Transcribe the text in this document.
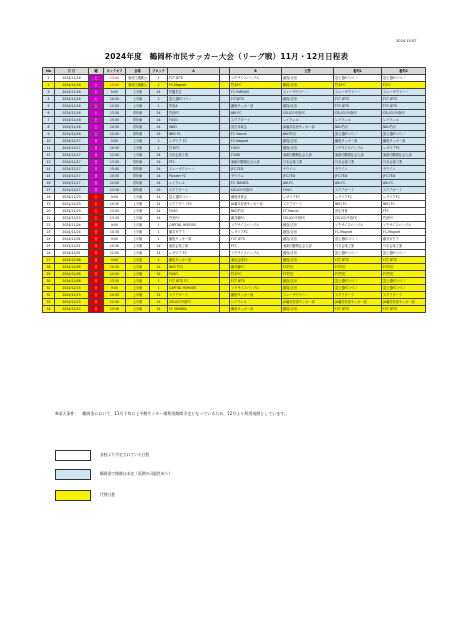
2024.10.07
2024年度　鶴岡杯市民サッカー大会（リーグ戦）11月・12月日程表
No	月 日	曜	キックオフ	会場	ブロック	A		B	主管	審判1	審判2
1	2024/11/16	土	13:00	寒河江運動公	1	FCT JETS		ソクサイスパンブル	藤島/吉田	富士通FCマリノ	富士通FCマリノ
2	2024/11/16	土	15:00	寒河江運動公	1	FC.Magnet		竹本FC	藤島/吉田	竹本FC	FCFC
3	2024/11/16	土	9:00	上平館	24	竹園先生		FC FAREJ/M	ジェーザウリーノ	ジェーザウリーノ	ジェーザウリーノ
4	2024/11/16	土	10:30	上平館	1	富士通FCマリノ		FCTJETS	藤島/吉田	FCT JETS	FCT JETS
5	2024/11/16	土	12:00	上平館	1	竹田A		藤島サッカー部	藤島/吉田	FCT JETS	FCT JETS
6	2024/11/16	土	13:30	青年館	24	竹田FC		AKI-FC	CELICO中島FC	CELICO中島FC	CELICO中島FC
7	2024/11/16	土	15:00	青年館	24	FUSO		スクアダーラ	レイウェル	レイウェル	レイウェル
8	2024/11/16	土	10:30	青年館	24	INKO		菅生体育会	JA藤井若者サッカー部	NKO竹川	NKO竹川
9	2024/11/16	土	12:00	青年館	24	NKO FC		FC Hound	NKO竹川	富士通FCマリノ	富士通FCマリノ
10	2024/11/17	日	9:00	上平館	1	レザリア FC		FC.Magnet	藤島/吉田	藤島サッカー部	藤島サッカー部
11	2024/11/17	日	10:30	上平館	1	竹本FC		FUSO	藤島/吉田	ソクサイスパンブル	レザリアFC
12	2024/11/17	日	12:00	上平館	24	月末会楽工業		FCDB	東新田鶴岡社会人部	東新田鶴岡社会人部	東新田鶴岡社会人部
13	2024/11/17	日	13:30	青年館	24	FFC		東新田鶴岡社会人部	月末会楽工業	月末会楽工業	月末会楽工業
14	2024/11/17	日	15:00	青年館	24	ジェーザウリーノ		JFC-TED	サウイム	サウイム	サウイム
15	2024/11/17	日	10:30	青年館	24	Pioneer FC		サウイム	JFC-TED	JFC-TED	JFC-TED
16	2024/11/17	日	12:00	青年館	24	レイウェル		FC YAMATA	AKI-FC	AKI-FC	AKI-FC
17	2024/11/17	日	13:30	青年館	24	スクアダーラ		CELICO中島FC	FUSO	スクアダーラ	スクアダーラ
18	2024/11/23	土	9:00	上平館	24	富士通FCマリノ		藤島体育会	レザリアFC	レザリアFC	レザリアFC
19	2024/11/23	土	10:30	上平館	24	スクアダーラFC		JA藤井若者サッカー部	スクアダーラ	NKO FC	NKO FC
20	2024/11/23	土	12:00	上平館	24	FUSO		NKO竹川	FC Hound	菅生体育	FFC
21	2024/11/23	土	13:30	上平館	24	竹田FC		藤井藤FC	CELICO中島FC	CELICO中島FC	竹田FC
22	2024/11/24	日	9:00	上平館	1	CAPITAL HEROES		ソクサイスパンブル	藤島/吉田	ソクサイスパンブル	ソクサイスパンブル
23	2024/11/24	日	10:30	上平館	1	藤井ガクア		レザリアFC	藤島/吉田	FC.Magnet	FC.Magnet
24	2024/12/01	日	9:00	上平館	1	藤島サッカー部		FCT JETS	藤島/吉田	富士通FCマリノ	藤井ガクア
25	2024/12/01	日	10:30	上平館	24	東田会楽工業		FFC	東新田鶴岡社会人部	月末会楽工業	月末会楽工業
26	2024/12/01	日	12:00	上平館	24	レザリア FC		ソクサイスパンブル	藤島/吉田	富士通FCマリノ	富士通FCマリノ
27	2024/12/08	日	9:00	上平館	1	藤島サッカー部		東田会楽FC	藤島/吉田	FCT JETS	FCT JETS
28	2024/12/08	日	10:30	上平館	24	NKO 竹川		藤井藤FC	FC竹田	FC竹田	FC竹田
29	2024/12/08	日	12:00	上平館	24	FUSO		竹本FC	FC竹田	FC竹田	FC竹田
30	2024/12/08	日	13:30	上平館	1	FCT JETS FC		FCT JETS	藤島/吉田	富士通FCマリノ	富士通FCマリノ
31	2024/12/15	日	9:00	上平館	1	CAPITAL HEROES		ソクサイスパンブル	藤島/吉田	富士通FCマリノ	富士通FCマリノ
32	2024/12/15	日	10:30	上平館	24	スクアダーラ		藤島サッカー部	ジェーザウリーノ	スクアダーラ	スクアダーラ
33	2024/12/15	日	12:00	上平館	24	CELICO中島FC		レイウェル	JA藤井若者サッカー部	JA藤井若者サッカー部	JA藤井若者サッカー部
34	2024/12/15	日	13:30	上平館	24	FC YAMATA		藤島サッカー部	藤島/吉田	FCT JETS	FCT JETS
※雨天条件：　鶴岡金において、11月下旬に上平館サッカー場利用期間予定となっているため、12月より利用再開としています。
各校より予定されていた日程
鶴岡金で開催は未定（延期の可能性あり）
代替日程
